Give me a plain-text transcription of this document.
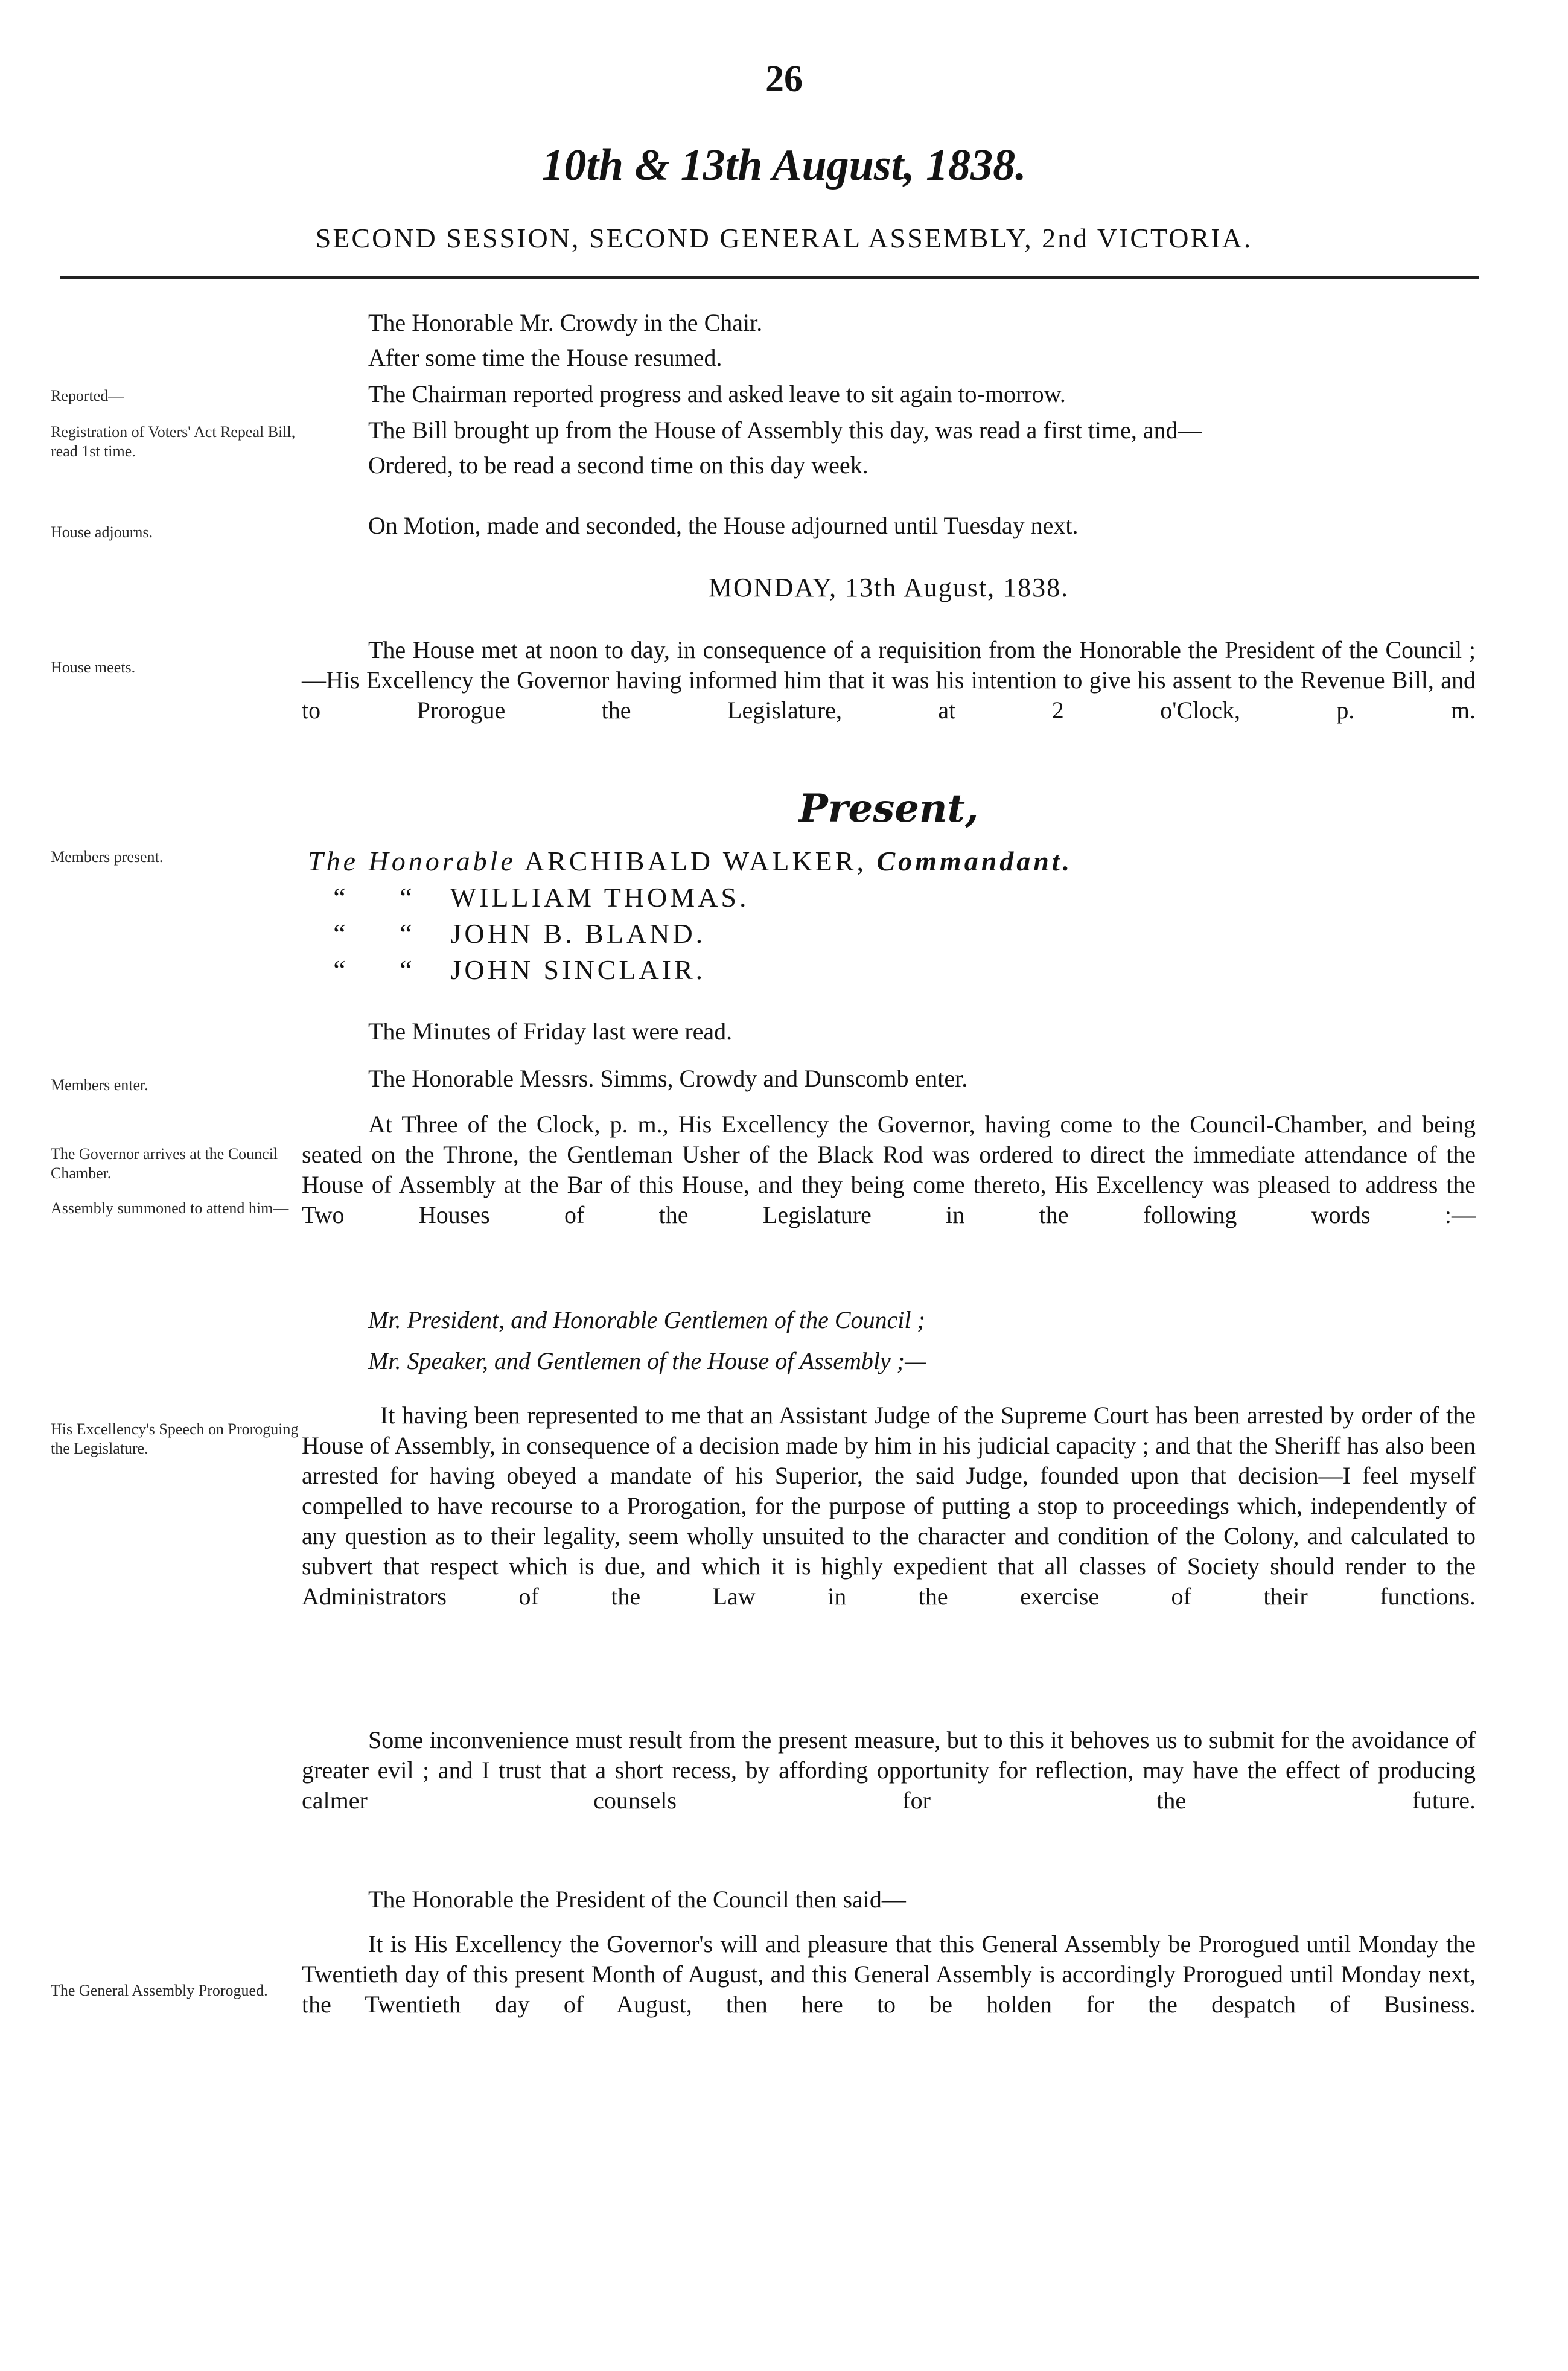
26
10th & 13th August, 1838.
SECOND SESSION, SECOND GENERAL ASSEMBLY, 2nd VICTORIA.
Reported—
Registration of Voters' Act Repeal Bill, read 1st time.
House adjourns.
House meets.
Members present.
Members enter.
The Governor arrives at the Council Chamber.
Assembly summoned to attend him—
His Excellency's Speech on Proroguing the Legislature.
The General Assembly Prorogued.
The Honorable Mr. Crowdy in the Chair.
After some time the House resumed.
The Chairman reported progress and asked leave to sit again to-morrow.
The Bill brought up from the House of Assembly this day, was read a first time, and—
Ordered, to be read a second time on this day week.
On Motion, made and seconded, the House adjourned until Tuesday next.
MONDAY, 13th August, 1838.
The House met at noon to day, in consequence of a requisition from the Honorable the President of the Council ;—His Excellency the Governor having informed him that it was his intention to give his assent to the Revenue Bill, and to Prorogue the Legislature, at 2 o'Clock, p. m.
Present,
The Honorable ARCHIBALD WALKER, Commandant.
“ “ WILLIAM THOMAS.
“ “ JOHN B. BLAND.
“ “ JOHN SINCLAIR.
The Minutes of Friday last were read.
The Honorable Messrs. Simms, Crowdy and Dunscomb enter.
At Three of the Clock, p. m., His Excellency the Governor, having come to the Council-Chamber, and being seated on the Throne, the Gentleman Usher of the Black Rod was ordered to direct the immediate attendance of the House of Assembly at the Bar of this House, and they being come thereto, His Excellency was pleased to address the Two Houses of the Legislature in the following words :—
Mr. President, and Honorable Gentlemen of the Council ;
Mr. Speaker, and Gentlemen of the House of Assembly ;—
It having been represented to me that an Assistant Judge of the Supreme Court has been arrested by order of the House of Assembly, in consequence of a decision made by him in his judicial capacity ; and that the Sheriff has also been arrested for having obeyed a mandate of his Superior, the said Judge, founded upon that decision—I feel myself compelled to have recourse to a Prorogation, for the purpose of putting a stop to proceedings which, independently of any question as to their legality, seem wholly unsuited to the character and condition of the Colony, and calculated to subvert that respect which is due, and which it is highly expedient that all classes of Society should render to the Administrators of the Law in the exercise of their functions.
Some inconvenience must result from the present measure, but to this it behoves us to submit for the avoidance of greater evil ; and I trust that a short recess, by affording opportunity for reflection, may have the effect of producing calmer counsels for the future.
The Honorable the President of the Council then said—
It is His Excellency the Governor's will and pleasure that this General Assembly be Prorogued until Monday the Twentieth day of this present Month of August, and this General Assembly is accordingly Prorogued until Monday next, the Twentieth day of August, then here to be holden for the despatch of Business.
